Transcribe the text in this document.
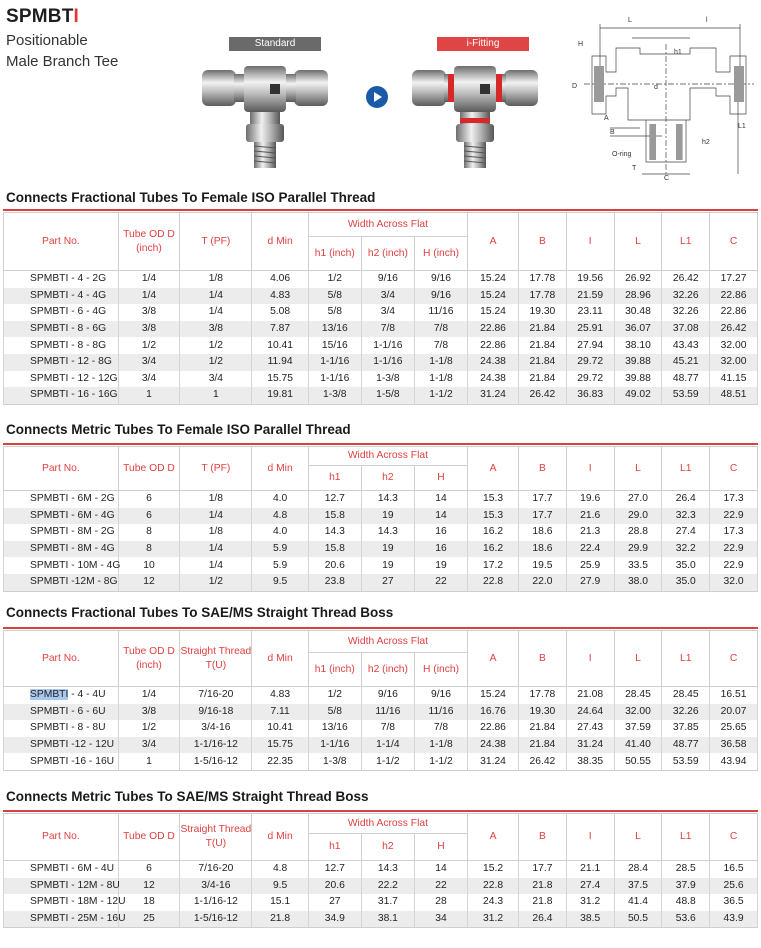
SPMBTI
Positionable
Male Branch Tee
Standard	i-Fitting
L	l
H
h1
D	d
A
B
L1
h2
O-ring
T
C
Connects Fractional Tubes To Female ISO Parallel Thread
Part No.	Tube OD D (inch)	T (PF)	d Min	Width Across Flat			A	B	I	L	L1	C
				h1 (inch)	h2 (inch)	H (inch)						
SPMBTI - 4 - 2G	1/4	1/8	4.06	1/2	9/16	9/16	15.24	17.78	19.56	26.92	26.42	17.27
SPMBTI - 4 - 4G	1/4	1/4	4.83	5/8	3/4	9/16	15.24	17.78	21.59	28.96	32.26	22.86
SPMBTI - 6 - 4G	3/8	1/4	5.08	5/8	3/4	11/16	15.24	19.30	23.11	30.48	32.26	22.86
SPMBTI - 8 - 6G	3/8	3/8	7.87	13/16	7/8	7/8	22.86	21.84	25.91	36.07	37.08	26.42
SPMBTI - 8 - 8G	1/2	1/2	10.41	15/16	1-1/16	7/8	22.86	21.84	27.94	38.10	43.43	32.00
SPMBTI - 12 - 8G	3/4	1/2	11.94	1-1/16	1-1/16	1-1/8	24.38	21.84	29.72	39.88	45.21	32.00
SPMBTI - 12 - 12G	3/4	3/4	15.75	1-1/16	1-3/8	1-1/8	24.38	21.84	29.72	39.88	48.77	41.15
SPMBTI - 16 - 16G	1	1	19.81	1-3/8	1-5/8	1-1/2	31.24	26.42	36.83	49.02	53.59	48.51
Connects Metric Tubes To Female ISO Parallel Thread
Part No.	Tube OD D	T (PF)	d Min	Width Across Flat			A	B	I	L	L1	C
				h1	h2	H						
SPMBTI - 6M - 2G	6	1/8	4.0	12.7	14.3	14	15.3	17.7	19.6	27.0	26.4	17.3
SPMBTI - 6M - 4G	6	1/4	4.8	15.8	19	14	15.3	17.7	21.6	29.0	32.3	22.9
SPMBTI - 8M - 2G	8	1/8	4.0	14.3	14.3	16	16.2	18.6	21.3	28.8	27.4	17.3
SPMBTI - 8M - 4G	8	1/4	5.9	15.8	19	16	16.2	18.6	22.4	29.9	32.2	22.9
SPMBTI - 10M - 4G	10	1/4	5.9	20.6	19	19	17.2	19.5	25.9	33.5	35.0	22.9
SPMBTI -12M - 8G	12	1/2	9.5	23.8	27	22	22.8	22.0	27.9	38.0	35.0	32.0
Connects Fractional Tubes To SAE/MS Straight Thread Boss
Part No.	Tube OD D (inch)	Straight Thread T(U)	d Min	Width Across Flat			A	B	I	L	L1	C
				h1 (inch)	h2 (inch)	H (inch)						
SPMBTI - 4 - 4U	1/4	7/16-20	4.83	1/2	9/16	9/16	15.24	17.78	21.08	28.45	28.45	16.51
SPMBTI - 6 - 6U	3/8	9/16-18	7.11	5/8	11/16	11/16	16.76	19.30	24.64	32.00	32.26	20.07
SPMBTI - 8 - 8U	1/2	3/4-16	10.41	13/16	7/8	7/8	22.86	21.84	27.43	37.59	37.85	25.65
SPMBTI -12 - 12U	3/4	1-1/16-12	15.75	1-1/16	1-1/4	1-1/8	24.38	21.84	31.24	41.40	48.77	36.58
SPMBTI -16 - 16U	1	1-5/16-12	22.35	1-3/8	1-1/2	1-1/2	31.24	26.42	38.35	50.55	53.59	43.94
Connects Metric Tubes To SAE/MS Straight Thread Boss
Part No.	Tube OD D	Straight Thread T(U)	d Min	Width Across Flat			A	B	I	L	L1	C
				h1	h2	H						
SPMBTI - 6M - 4U	6	7/16-20	4.8	12.7	14.3	14	15.2	17.7	21.1	28.4	28.5	16.5
SPMBTI - 12M - 8U	12	3/4-16	9.5	20.6	22.2	22	22.8	21.8	27.4	37.5	37.9	25.6
SPMBTI - 18M - 12U	18	1-1/16-12	15.1	27	31.7	28	24.3	21.8	31.2	41.4	48.8	36.5
SPMBTI - 25M - 16U	25	1-5/16-12	21.8	34.9	38.1	34	31.2	26.4	38.5	50.5	53.6	43.9
